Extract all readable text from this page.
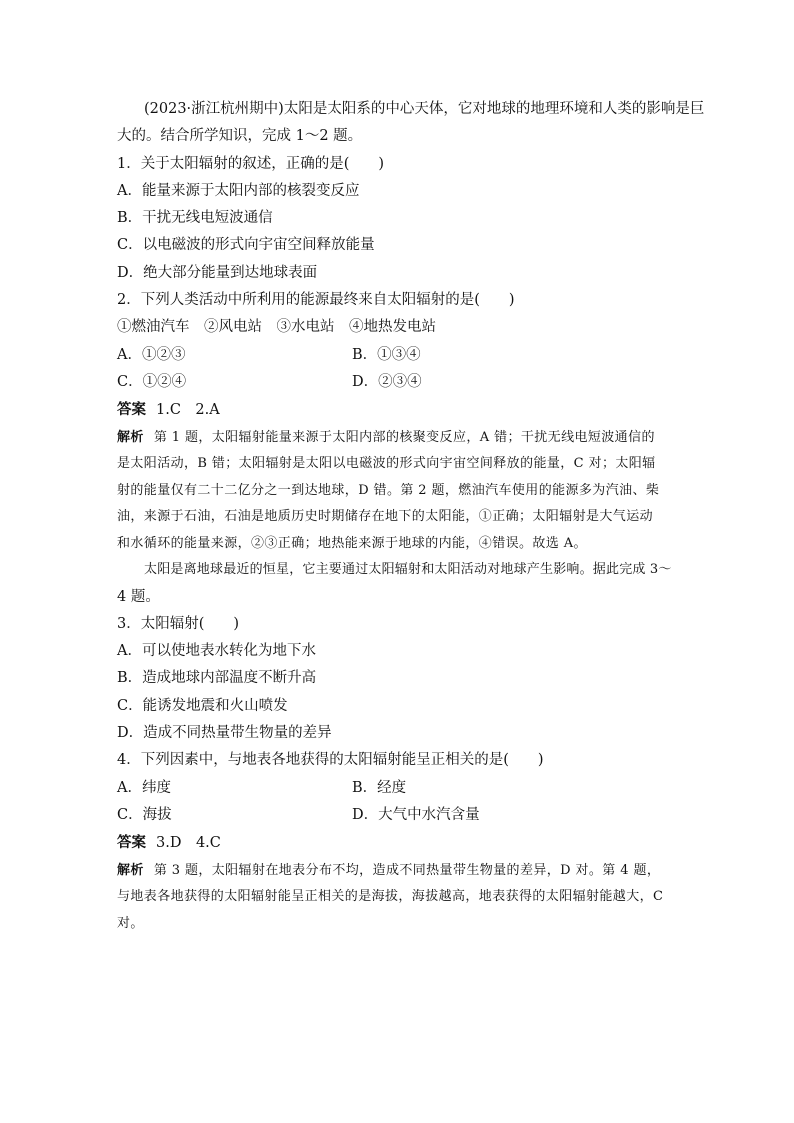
(2023·浙江杭州期中)太阳是太阳系的中心天体，它对地球的地理环境和人类的影响是巨
大的。结合所学知识，完成 1～2 题。
1．关于太阳辐射的叙述，正确的是(　　)
A．能量来源于太阳内部的核裂变反应
B．干扰无线电短波通信
C．以电磁波的形式向宇宙空间释放能量
D．绝大部分能量到达地球表面
2．下列人类活动中所利用的能源最终来自太阳辐射的是(　　)
①燃油汽车　②风电站　③水电站　④地热发电站
A．①②③	B．①③④
C．①②④	D．②③④
答案 1.C　2.A
解析 第 1 题，太阳辐射能量来源于太阳内部的核聚变反应，A 错；干扰无线电短波通信的
是太阳活动，B 错；太阳辐射是太阳以电磁波的形式向宇宙空间释放的能量，C 对；太阳辐
射的能量仅有二十二亿分之一到达地球，D 错。第 2 题，燃油汽车使用的能源多为汽油、柴
油，来源于石油，石油是地质历史时期储存在地下的太阳能，①正确；太阳辐射是大气运动
和水循环的能量来源，②③正确；地热能来源于地球的内能，④错误。故选 A。
太阳是离地球最近的恒星，它主要通过太阳辐射和太阳活动对地球产生影响。据此完成 3～
4 题。
3．太阳辐射(　　)
A．可以使地表水转化为地下水
B．造成地球内部温度不断升高
C．能诱发地震和火山喷发
D．造成不同热量带生物量的差异
4．下列因素中，与地表各地获得的太阳辐射能呈正相关的是(　　)
A．纬度	B．经度
C．海拔	D．大气中水汽含量
答案 3.D　4.C
解析 第 3 题，太阳辐射在地表分布不均，造成不同热量带生物量的差异，D 对。第 4 题，
与地表各地获得的太阳辐射能呈正相关的是海拔，海拔越高，地表获得的太阳辐射能越大，C
对。
